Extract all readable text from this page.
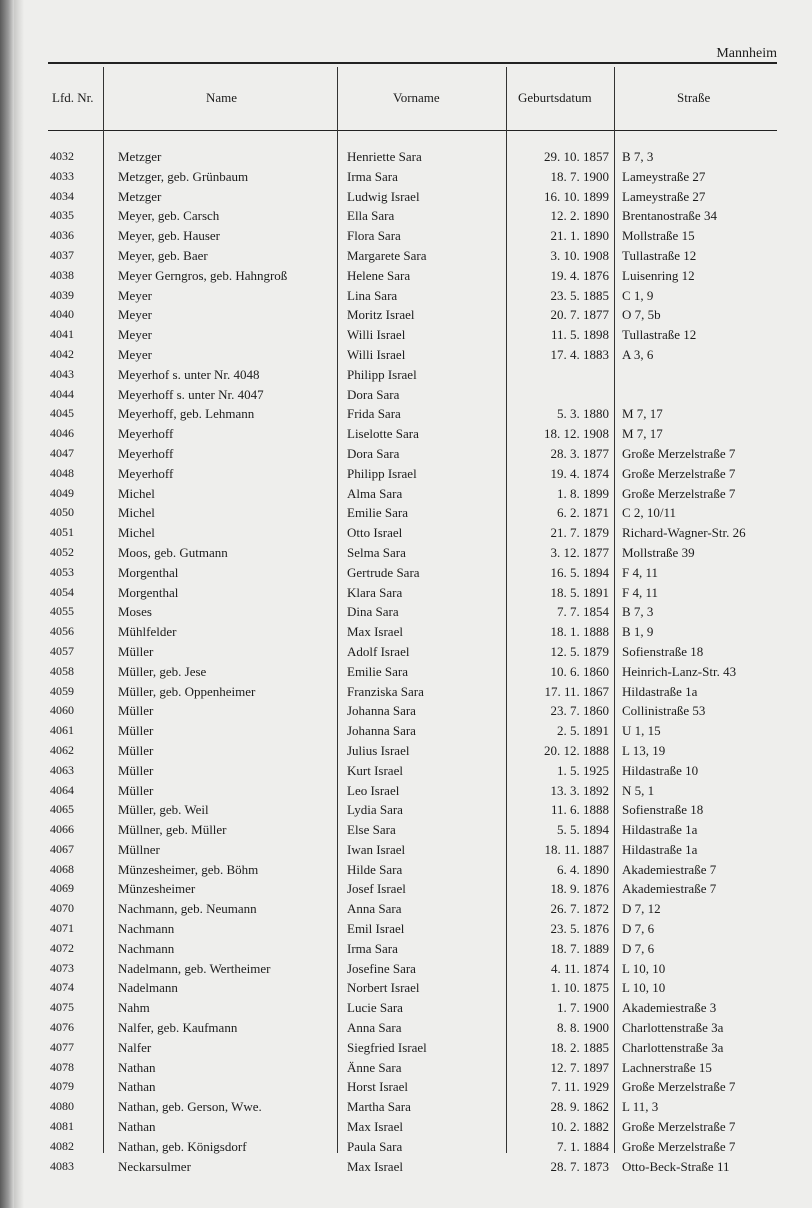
Mannheim
Lfd. Nr.	Name	Vorname	Geburtsdatum	Straße
4032	Metzger	Henriette Sara	29. 10. 1857 B 7, 3
4033	Metzger, geb. Grünbaum	Irma Sara	18. 7. 1900 Lameystraße 27
4034	Metzger	Ludwig Israel	16. 10. 1899 Lameystraße 27
4035	Meyer, geb. Carsch	Ella Sara	12. 2. 1890 Brentanostraße 34
4036	Meyer, geb. Hauser	Flora Sara	21. 1. 1890 Mollstraße 15
4037	Meyer, geb. Baer	Margarete Sara	3. 10. 1908 Tullastraße 12
4038	Meyer Gerngros, geb. Hahngroß	Helene Sara	19. 4. 1876 Luisenring 12
4039	Meyer	Lina Sara	23. 5. 1885 C 1, 9
4040	Meyer	Moritz Israel	20. 7. 1877 O 7, 5b
4041	Meyer	Willi Israel	11. 5. 1898 Tullastraße 12
4042	Meyer	Willi Israel	17. 4. 1883 A 3, 6
4043	Meyerhof s. unter Nr. 4048	Philipp Israel
4044	Meyerhoff s. unter Nr. 4047	Dora Sara
4045	Meyerhoff, geb. Lehmann	Frida Sara	5. 3. 1880 M 7, 17
4046	Meyerhoff	Liselotte Sara	18. 12. 1908 M 7, 17
4047	Meyerhoff	Dora Sara	28. 3. 1877 Große Merzelstraße 7
4048	Meyerhoff	Philipp Israel	19. 4. 1874 Große Merzelstraße 7
4049	Michel	Alma Sara	1. 8. 1899 Große Merzelstraße 7
4050	Michel	Emilie Sara	6. 2. 1871 C 2, 10/11
4051	Michel	Otto Israel	21. 7. 1879 Richard-Wagner-Str. 26
4052	Moos, geb. Gutmann	Selma Sara	3. 12. 1877 Mollstraße 39
4053	Morgenthal	Gertrude Sara	16. 5. 1894 F 4, 11
4054	Morgenthal	Klara Sara	18. 5. 1891 F 4, 11
4055	Moses	Dina Sara	7. 7. 1854 B 7, 3
4056	Mühlfelder	Max Israel	18. 1. 1888 B 1, 9
4057	Müller	Adolf Israel	12. 5. 1879 Sofienstraße 18
4058	Müller, geb. Jese	Emilie Sara	10. 6. 1860 Heinrich-Lanz-Str. 43
4059	Müller, geb. Oppenheimer	Franziska Sara	17. 11. 1867 Hildastraße 1a
4060	Müller	Johanna Sara	23. 7. 1860 Collinistraße 53
4061	Müller	Johanna Sara	2. 5. 1891 U 1, 15
4062	Müller	Julius Israel	20. 12. 1888 L 13, 19
4063	Müller	Kurt Israel	1. 5. 1925 Hildastraße 10
4064	Müller	Leo Israel	13. 3. 1892 N 5, 1
4065	Müller, geb. Weil	Lydia Sara	11. 6. 1888 Sofienstraße 18
4066	Müllner, geb. Müller	Else Sara	5. 5. 1894 Hildastraße 1a
4067	Müllner	Iwan Israel	18. 11. 1887 Hildastraße 1a
4068	Münzesheimer, geb. Böhm	Hilde Sara	6. 4. 1890 Akademiestraße 7
4069	Münzesheimer	Josef Israel	18. 9. 1876 Akademiestraße 7
4070	Nachmann, geb. Neumann	Anna Sara	26. 7. 1872 D 7, 12
4071	Nachmann	Emil Israel	23. 5. 1876 D 7, 6
4072	Nachmann	Irma Sara	18. 7. 1889 D 7, 6
4073	Nadelmann, geb. Wertheimer	Josefine Sara	4. 11. 1874 L 10, 10
4074	Nadelmann	Norbert Israel	1. 10. 1875 L 10, 10
4075	Nahm	Lucie Sara	1. 7. 1900 Akademiestraße 3
4076	Nalfer, geb. Kaufmann	Anna Sara	8. 8. 1900 Charlottenstraße 3a
4077	Nalfer	Siegfried Israel	18. 2. 1885 Charlottenstraße 3a
4078	Nathan	Änne Sara	12. 7. 1897 Lachnerstraße 15
4079	Nathan	Horst Israel	7. 11. 1929 Große Merzelstraße 7
4080	Nathan, geb. Gerson, Wwe.	Martha Sara	28. 9. 1862 L 11, 3
4081	Nathan	Max Israel	10. 2. 1882 Große Merzelstraße 7
4082	Nathan, geb. Königsdorf	Paula Sara	7. 1. 1884 Große Merzelstraße 7
4083	Neckarsulmer	Max Israel	28. 7. 1873 Otto-Beck-Straße 11
